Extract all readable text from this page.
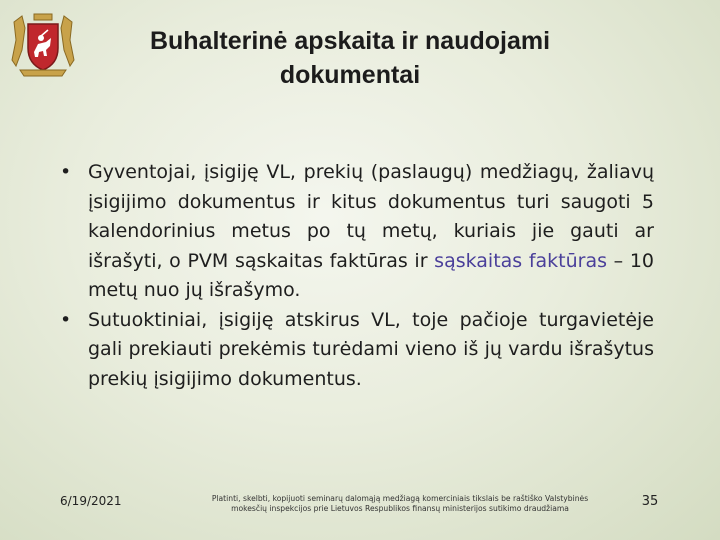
Buhalterinė apskaita ir naudojami
dokumentai
• Gyventojai, įsigiję VL, prekių (paslaugų) medžiagų, žaliavų įsigijimo dokumentus ir kitus dokumentus turi saugoti 5 kalendorinius metus po tų metų, kuriais jie gauti ar išrašyti, o PVM sąskaitas faktūras ir sąskaitas faktūras – 10 metų nuo jų išrašymo.
• Sutuoktiniai, įsigiję atskirus VL, toje pačioje turgavietėje gali prekiauti prekėmis turėdami vieno iš jų vardu išrašytus prekių įsigijimo dokumentus.
6/19/2021	Platinti, skelbti, kopijuoti seminarų dalomąją medžiagą komerciniais tikslais be raštiško Valstybinės
mokesčių inspekcijos prie Lietuvos Respublikos finansų ministerijos sutikimo draudžiama	35
